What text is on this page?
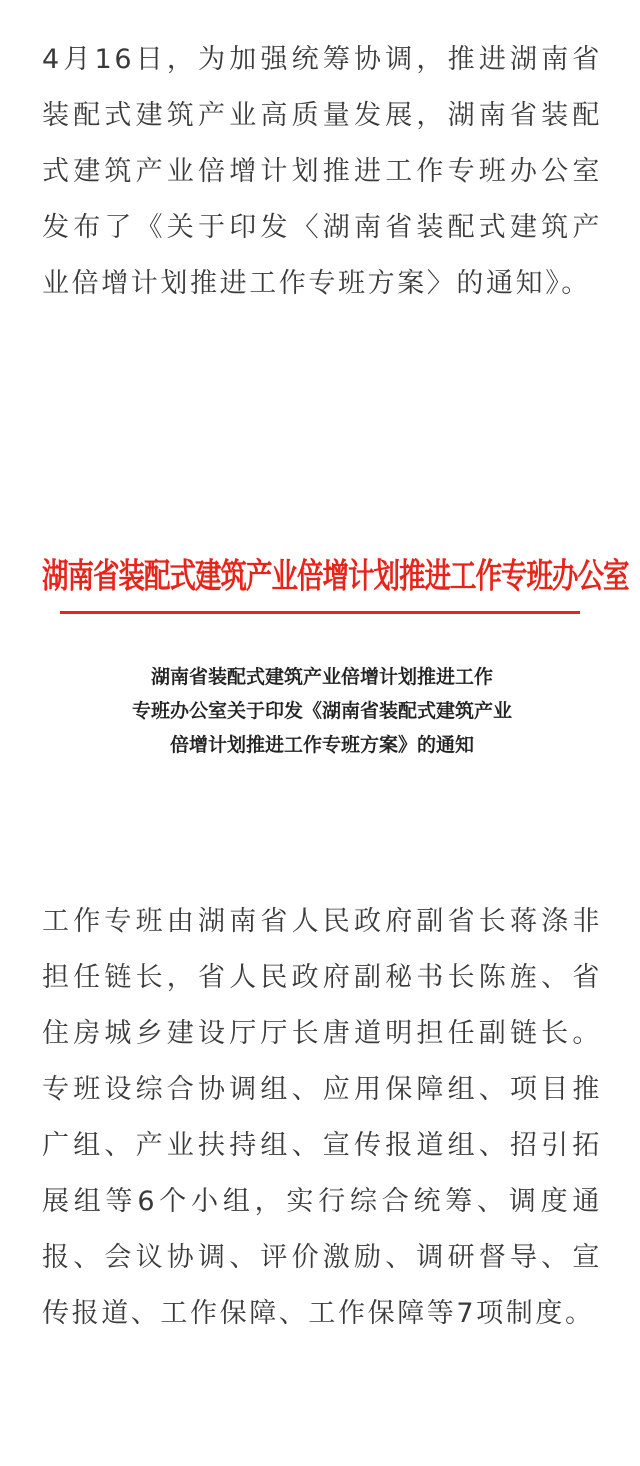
4月16日，为加强统筹协调，推进湖南省装配式建筑产业高质量发展，湖南省装配式建筑产业倍增计划推进工作专班办公室发布了《关于印发〈湖南省装配式建筑产业倍增计划推进工作专班方案〉的通知》。

湖南省装配式建筑产业倍增计划推进工作专班办公室
湖南省装配式建筑产业倍增计划推进工作
专班办公室关于印发《湖南省装配式建筑产业
倍增计划推进工作专班方案》的通知

工作专班由湖南省人民政府副省长蒋涤非担任链长，省人民政府副秘书长陈旌、省住房城乡建设厅厅长唐道明担任副链长。专班设综合协调组、应用保障组、项目推广组、产业扶持组、宣传报道组、招引拓展组等6个小组，实行综合统筹、调度通报、会议协调、评价激励、调研督导、宣传报道、工作保障、工作保障等7项制度。
